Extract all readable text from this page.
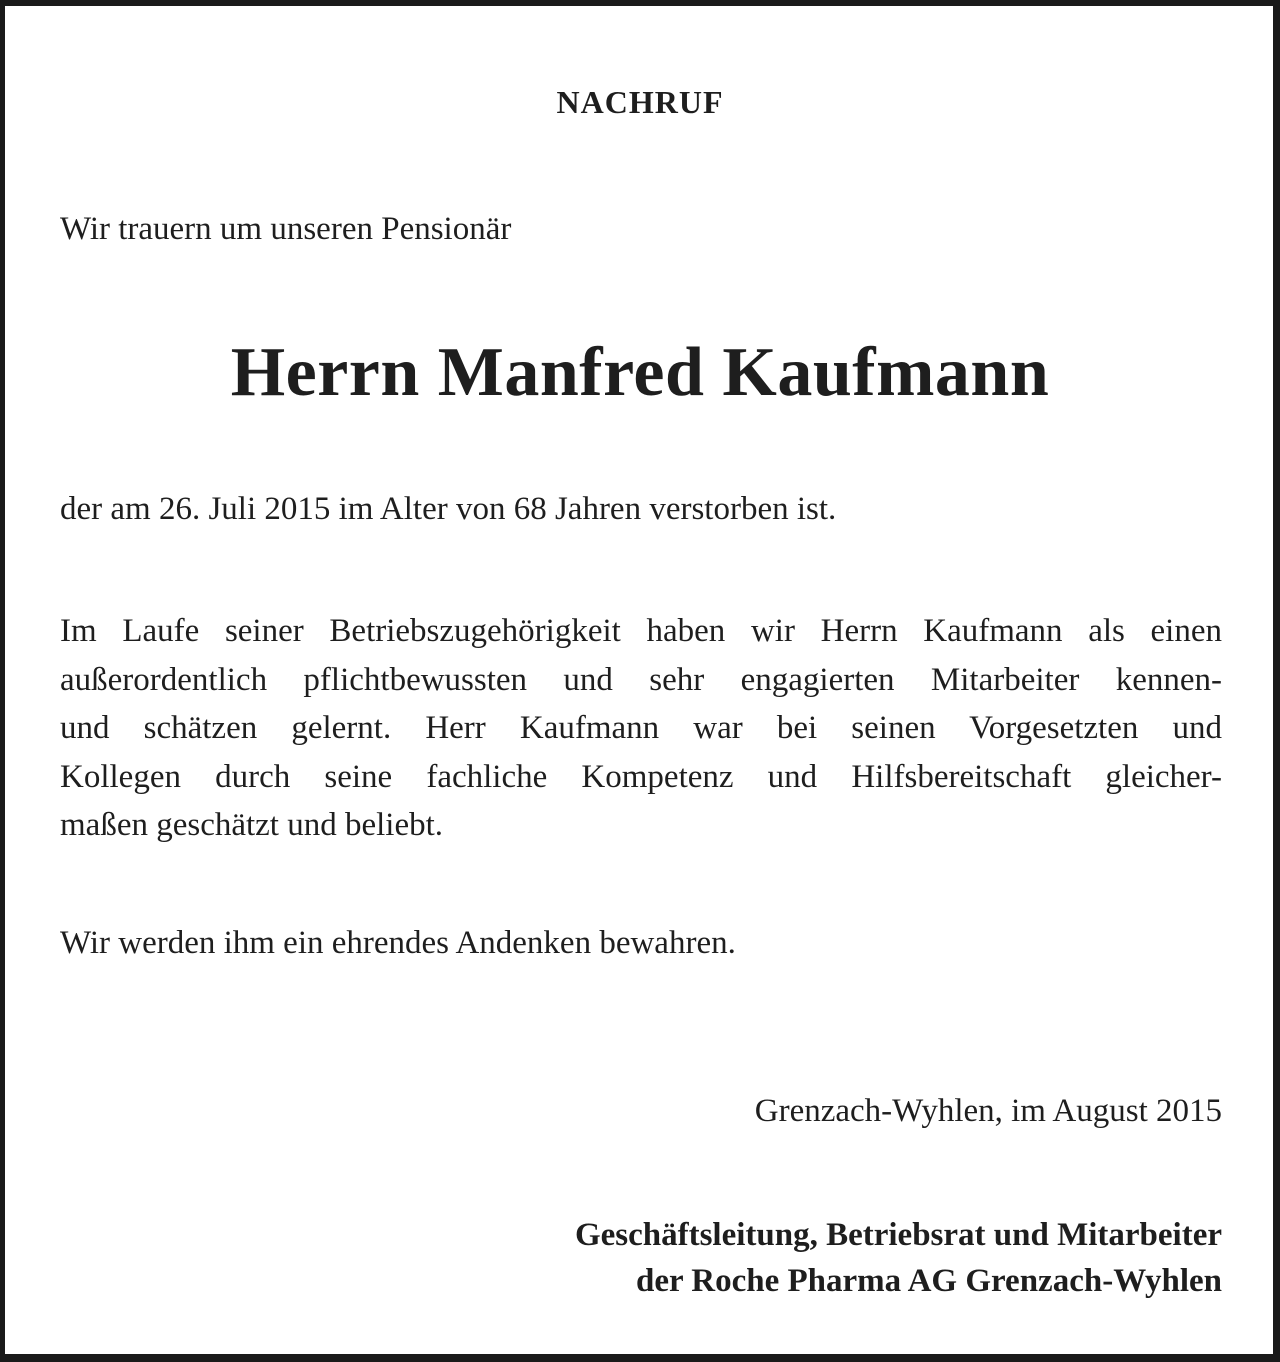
NACHRUF
Wir trauern um unseren Pensionär
Herrn Manfred Kaufmann
der am 26. Juli 2015 im Alter von 68 Jahren verstorben ist.
Im Laufe seiner Betriebszugehörigkeit haben wir Herrn Kaufmann als einen
außerordentlich pflichtbewussten und sehr engagierten Mitarbeiter kennen-
und schätzen gelernt. Herr Kaufmann war bei seinen Vorgesetzten und
Kollegen durch seine fachliche Kompetenz und Hilfsbereitschaft gleicher-
maßen geschätzt und beliebt.
Wir werden ihm ein ehrendes Andenken bewahren.
Grenzach-Wyhlen, im August 2015
Geschäftsleitung, Betriebsrat und Mitarbeiter
der Roche Pharma AG Grenzach-Wyhlen
